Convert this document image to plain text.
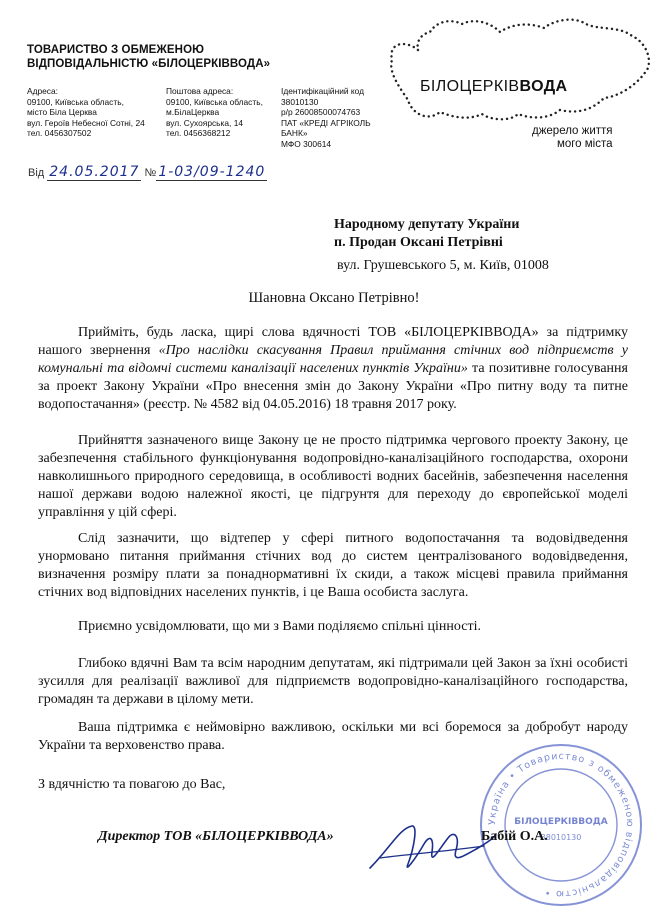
ТОВАРИСТВО З ОБМЕЖЕНОЮ
ВІДПОВІДАЛЬНІСТЮ «БІЛОЦЕРКІВВОДА»
Адреса:
09100, Київська область,
місто Біла Церква
вул. Героїв Небесної Сотні, 24
тел. 0456307502
Поштова адреса:
09100, Київська область,
м.БілаЦерква
вул. Сухоярська, 14
тел. 0456368212
Ідентифікаційний код
38010130
р/р 26008500074763
ПАТ «КРЕДІ АГРІКОЛЬ
БАНК»
МФО 300614
БІЛОЦЕРКІВВОДА
джерело життя
мого міста
Від 24.05.2017 № 1-03/09-1240
Народному депутату України
п. Продан Оксані Петрівні
вул. Грушевського 5, м. Київ, 01008
Шановна Оксано Петрівно!
Прийміть, будь ласка, щирі слова вдячності ТОВ «БІЛОЦЕРКІВВОДА» за підтримку нашого звернення «Про наслідки скасування Правил приймання стічних вод підприємств у комунальні та відомчі системи каналізації населених пунктів України» та позитивне голосування за проект Закону України «Про внесення змін до Закону України «Про питну воду та питне водопостачання» (реєстр. № 4582 від 04.05.2016) 18 травня 2017 року.
Прийняття зазначеного вище Закону це не просто підтримка чергового проекту Закону, це забезпечення стабільного функціонування водопровідно-каналізаційного господарства, охорони навколишнього природного середовища, в особливості водних басейнів, забезпечення населення нашої держави водою належної якості, це підгрунтя для переходу до європейської моделі управління у цій сфері.
Слід зазначити, що відтепер у сфері питного водопостачання та водовідведення унормовано питання приймання стічних вод до систем централізованого водовідведення, визначення розміру плати за понаднормативні їх скиди, а також місцеві правила приймання стічних вод відповідних населених пунктів, і це Ваша особиста заслуга.
Приємно усвідомлювати, що ми з Вами поділяємо спільні цінності.
Глибоко вдячні Вам та всім народним депутатам, які підтримали цей Закон за їхні особисті зусилля для реалізації важливої для підприємств водопровідно-каналізаційного господарства, громадян та держави в цілому мети.
Ваша підтримка є неймовірно важливою, оскільки ми всі боремося за добробут народу України та верховенство права.
Україна • Товариство з обмеженою відповідальністю •
БІЛОЦЕРКІВВОДА
38010130
З вдячністю та повагою до Вас,
Директор ТОВ «БІЛОЦЕРКІВВОДА»	Бабій О.А.
